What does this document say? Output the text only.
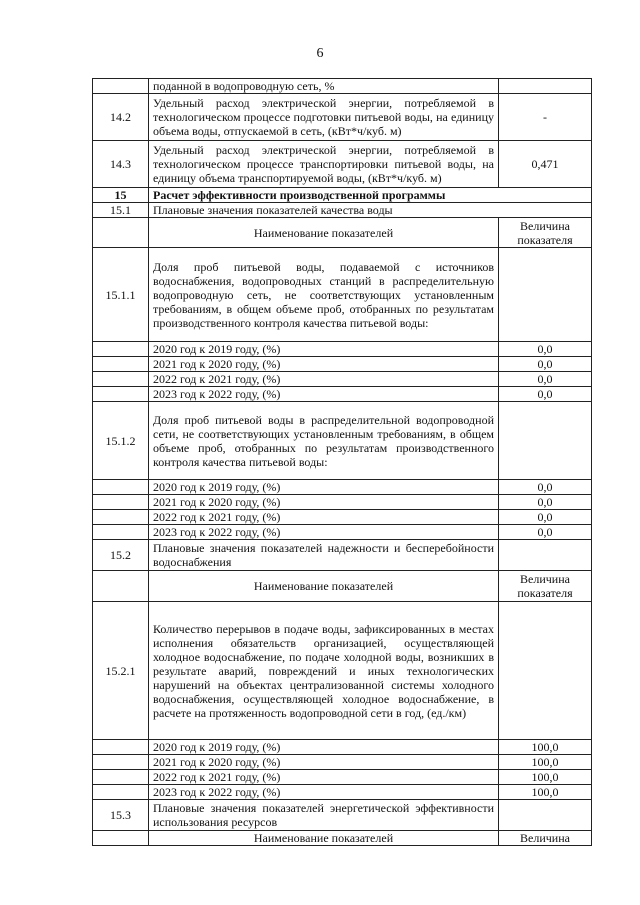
6
	поданной в водопроводную сеть, %	
14.2	Удельный расход электрической энергии, потребляемой в технологическом процессе подготовки питьевой воды, на единицу объема воды, отпускаемой в сеть, (кВт*ч/куб. м)	-
14.3	Удельный расход электрической энергии, потребляемой в технологическом процессе транспортировки питьевой воды, на единицу объема транспортируемой воды, (кВт*ч/куб. м)	0,471
15	Расчет эффективности производственной программы	
15.1	Плановые значения показателей качества воды	
	Наименование показателей	Величина показателя
15.1.1	Доля проб питьевой воды, подаваемой с источников водоснабжения, водопроводных станций в распределительную водопроводную сеть, не соответствующих установленным требованиям, в общем объеме проб, отобранных по результатам производственного контроля качества питьевой воды:	
	2020 год к 2019 году, (%)	0,0
	2021 год к 2020 году, (%)	0,0
	2022 год к 2021 году, (%)	0,0
	2023 год к 2022 году, (%)	0,0
15.1.2	Доля проб питьевой воды в распределительной водопроводной сети, не соответствующих установленным требованиям, в общем объеме проб, отобранных по результатам производственного контроля качества питьевой воды:	
	2020 год к 2019 году, (%)	0,0
	2021 год к 2020 году, (%)	0,0
	2022 год к 2021 году, (%)	0,0
	2023 год к 2022 году, (%)	0,0
15.2	Плановые значения показателей надежности и бесперебойности водоснабжения	
	Наименование показателей	Величина показателя
15.2.1	Количество перерывов в подаче воды, зафиксированных в местах исполнения обязательств организацией, осуществляющей холодное водоснабжение, по подаче холодной воды, возникших в результате аварий, повреждений и иных технологических нарушений на объектах централизованной системы холодного водоснабжения, осуществляющей холодное водоснабжение, в расчете на протяженность водопроводной сети в год, (ед./км)	
	2020 год к 2019 году, (%)	100,0
	2021 год к 2020 году, (%)	100,0
	2022 год к 2021 году, (%)	100,0
	2023 год к 2022 году, (%)	100,0
15.3	Плановые значения показателей энергетической эффективности использования ресурсов	
	Наименование показателей	Величина
